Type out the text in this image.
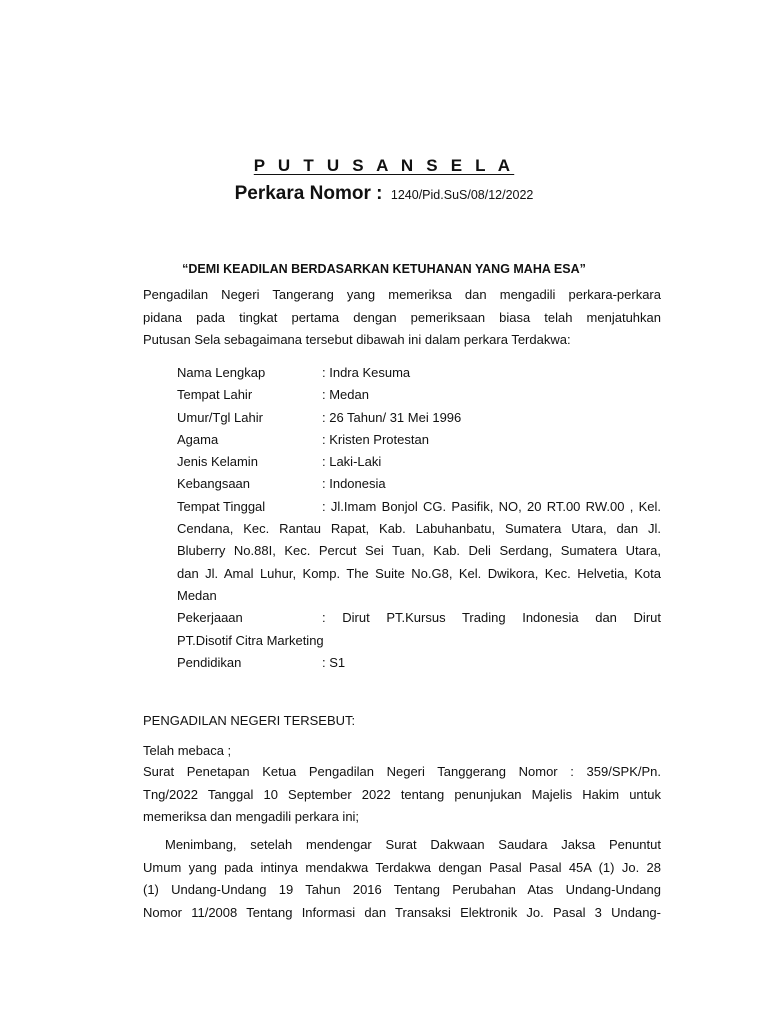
P U T U S A N S E L A
Perkara Nomor : 1240/Pid.SuS/08/12/2022
“DEMI KEADILAN BERDASARKAN KETUHANAN YANG MAHA ESA”
Pengadilan Negeri Tangerang yang memeriksa dan mengadili perkara-perkara
pidana pada tingkat pertama dengan pemeriksaan biasa telah menjatuhkan
Putusan Sela sebagaimana tersebut dibawah ini dalam perkara Terdakwa:
Nama Lengkap	: Indra Kesuma
Tempat Lahir	: Medan
Umur/Tgl Lahir	: 26 Tahun/ 31 Mei 1996
Agama	: Kristen Protestan
Jenis Kelamin	: Laki-Laki
Kebangsaan	: Indonesia
Tempat Tinggal	: Jl.Imam Bonjol CG. Pasifik, NO, 20 RT.00 RW.00 , Kel.
Cendana, Kec. Rantau Rapat, Kab. Labuhanbatu, Sumatera Utara, dan Jl.
Bluberry No.88I, Kec. Percut Sei Tuan, Kab. Deli Serdang, Sumatera Utara,
dan Jl. Amal Luhur, Komp. The Suite No.G8, Kel. Dwikora, Kec. Helvetia, Kota
Medan
Pekerjaaan	: Dirut PT.Kursus Trading Indonesia dan Dirut
PT.Disotif Citra Marketing
Pendidikan	: S1
PENGADILAN NEGERI TERSEBUT:
Telah mebaca ;
Surat Penetapan Ketua Pengadilan Negeri Tanggerang Nomor : 359/SPK/Pn.
Tng/2022 Tanggal 10 September 2022 tentang penunjukan Majelis Hakim untuk
memeriksa dan mengadili perkara ini;
Menimbang, setelah mendengar Surat Dakwaan Saudara Jaksa Penuntut
Umum yang pada intinya mendakwa Terdakwa dengan Pasal Pasal 45A (1) Jo. 28
(1) Undang-Undang 19 Tahun 2016 Tentang Perubahan Atas Undang-Undang
Nomor 11/2008 Tentang Informasi dan Transaksi Elektronik Jo. Pasal 3 Undang-
